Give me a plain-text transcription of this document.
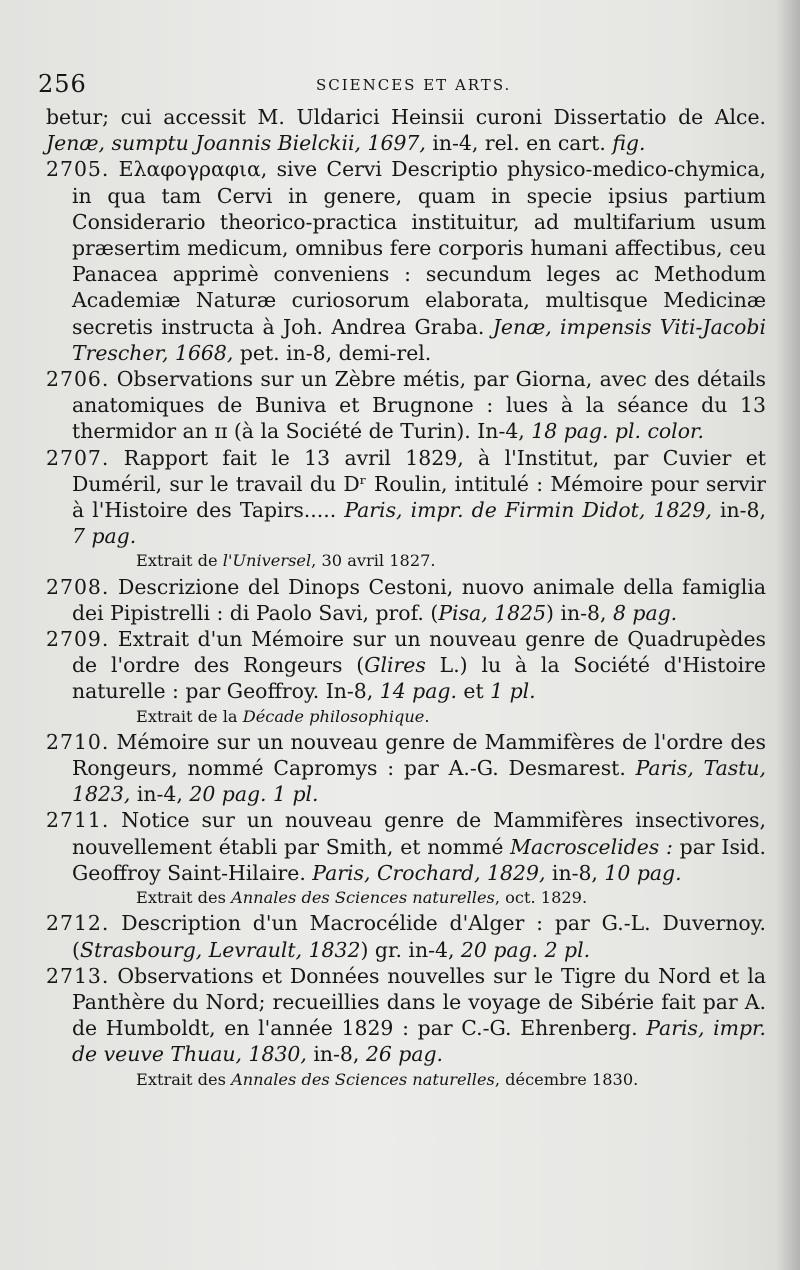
256	SCIENCES ET ARTS.

betur; cui accessit M. Uldarici Heinsii curoni Dissertatio de Alce. Jenæ, sumptu Joannis Bielckii, 1697, in-4, rel. en cart. fig.

2705. Ελαφογραφια, sive Cervi Descriptio physico-medico-chymica, in qua tam Cervi in genere, quam in specie ipsius partium Considerario theorico-practica instituitur, ad multifarium usum præsertim medicum, omnibus fere corporis humani affectibus, ceu Panacea apprimè conveniens : secundum leges ac Methodum Academiæ Naturæ curiosorum elaborata, multisque Medicinæ secretis instructa à Joh. Andrea Graba. Jenæ, impensis Viti-Jacobi Trescher, 1668, pet. in-8, demi-rel.

2706. Observations sur un Zèbre métis, par Giorna, avec des détails anatomiques de Buniva et Brugnone : lues à la séance du 13 thermidor an ɪɪ (à la Société de Turin). In-4, 18 pag. pl. color.

2707. Rapport fait le 13 avril 1829, à l'Institut, par Cuvier et Duméril, sur le travail du Dʳ Roulin, intitulé : Mémoire pour servir à l'Histoire des Tapirs..... Paris, impr. de Firmin Didot, 1829, in-8, 7 pag.

Extrait de l'Universel, 30 avril 1827.

2708. Descrizione del Dinops Cestoni, nuovo animale della famiglia dei Pipistrelli : di Paolo Savi, prof. (Pisa, 1825) in-8, 8 pag.

2709. Extrait d'un Mémoire sur un nouveau genre de Quadrupèdes de l'ordre des Rongeurs (Glires L.) lu à la Société d'Histoire naturelle : par Geoffroy. In-8, 14 pag. et 1 pl.

Extrait de la Décade philosophique.

2710. Mémoire sur un nouveau genre de Mammifères de l'ordre des Rongeurs, nommé Capromys : par A.-G. Desmarest. Paris, Tastu, 1823, in-4, 20 pag. 1 pl.

2711. Notice sur un nouveau genre de Mammifères insectivores, nouvellement établi par Smith, et nommé Macroscelides : par Isid. Geoffroy Saint-Hilaire. Paris, Crochard, 1829, in-8, 10 pag.

Extrait des Annales des Sciences naturelles, oct. 1829.

2712. Description d'un Macrocélide d'Alger : par G.-L. Duvernoy. (Strasbourg, Levrault, 1832) gr. in-4, 20 pag. 2 pl.

2713. Observations et Données nouvelles sur le Tigre du Nord et la Panthère du Nord; recueillies dans le voyage de Sibérie fait par A. de Humboldt, en l'année 1829 : par C.-G. Ehrenberg. Paris, impr. de veuve Thuau, 1830, in-8, 26 pag.

Extrait des Annales des Sciences naturelles, décembre 1830.
